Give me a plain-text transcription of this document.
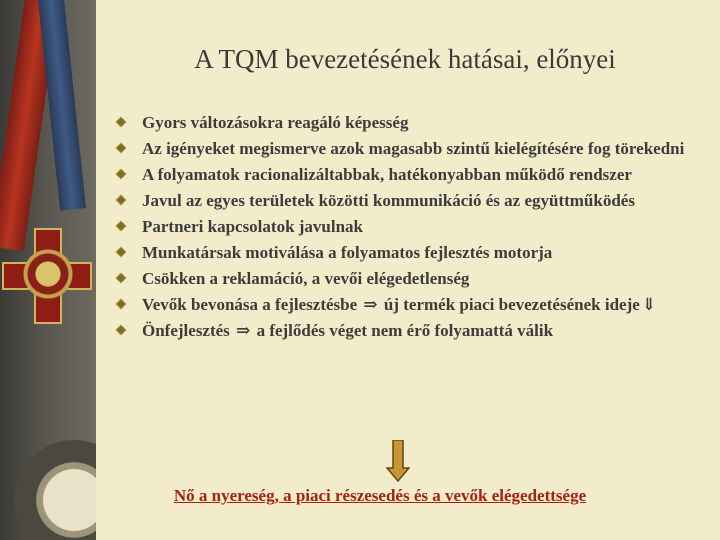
A TQM bevezetésének hatásai, előnyei
Gyors változásokra reagáló képesség
Az igényeket megismerve azok magasabb szintű kielégítésére fog törekedni
A folyamatok racionalizáltabbak, hatékonyabban működő rendszer
Javul az egyes területek közötti kommunikáció és az együttműködés
Partneri kapcsolatok javulnak
Munkatársak motiválása a folyamatos fejlesztés motorja
Csökken a reklamáció, a vevői elégedetlenség
Vevők bevonása a fejlesztésbe ⇒ új termék piaci bevezetésének ideje ⇓
Önfejlesztés ⇒ a fejlődés véget nem érő folyamattá válik
Nő a nyereség, a piaci részesedés és a vevők elégedettsége
